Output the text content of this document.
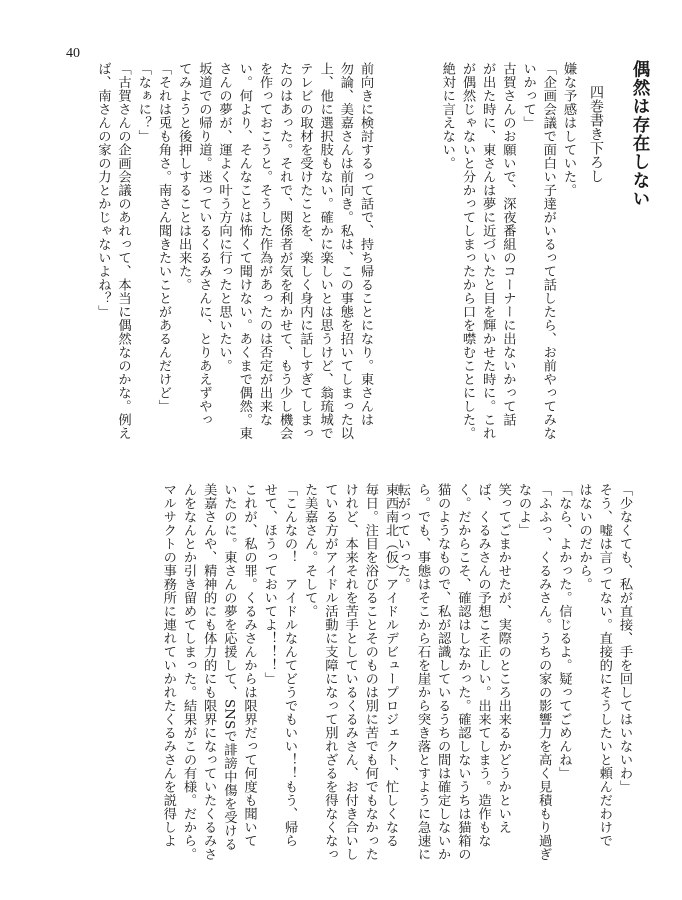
40
偶然は存在しない
四巻書き下ろし
嫌な予感はしていた。
「企画会議で面白い子達がいるって話したら、お前やってみな
いかって」
古賀さんのお願いで、深夜番組のコーナーに出ないかって話
が出た時に、東さんは夢に近づいたと目を輝かせた時に。これ
が偶然じゃないと分かってしまったから口を噤むことにした。
絶対に言えない。
前向きに検討するって話で、持ち帰ることになり。東さんは
勿論、美嘉さんは前向き。私は、この事態を招いてしまった以
上、他に選択肢もない。確かに楽しいとは思うけど、翁琉城で
テレビの取材を受けたことを、楽しく身内に話しすぎてしまっ
たのはあった。それで、関係者が気を利かせて、もう少し機会
を作っておこうと。そうした作為があったのは否定が出来な
い。何より、そんなことは怖くて聞けない。あくまで偶然。東
さんの夢が、運よく叶う方向に行ったと思いたい。
坂道での帰り道。迷っているくるみさんに、とりあえずやっ
てみようと後押しすることは出来た。
「それは兎も角さ。南さん聞きたいことがあるんだけど」
「なぁに？」
「古賀さんの企画会議のあれって、本当に偶然なのかな。例え
ば、南さんの家の力とかじゃないよね？」
「少なくても、私が直接、手を回してはいないわ」
そう、嘘は言ってない。直接的にそうしたいと頼んだわけで
はないのだから。
「なら、よかった。信じるよ。疑ってごめんね」
「ふふっ、くるみさん。うちの家の影響力を高く見積もり過ぎ
なのよ」
笑ってごまかせたが、実際のところ出来るかどうかといえ
ば、くるみさんの予想こそ正しい。出来てしまう。造作もな
く。だからこそ、確認はしなかった。確認しないうちは猫箱の
猫のようなもので、私が認識しているうちの間は確定しないか
ら。でも、事態はそこから石を崖から突き落とすように急速に
転がっていった。
東西南北（仮）アイドルデビュープロジェクト、忙しくなる
毎日。注目を浴びることそのものは別に苦でも何でもなかった
けれど、本来それを苦手としているくるみさん、お付き合いし
ている方がアイドル活動に支障になって別れざるを得なくなっ
た美嘉さん。そして。
「こんなの！　アイドルなんてどうでもいい！！もう、帰ら
せて、ほうっておいてよ！！！」
これが、私の罪。くるみさんからは限界だって何度も聞いて
いたのに。東さんの夢を応援して、SNSで誹謗中傷を受ける
美嘉さんや、精神的にも体力的にも限界になっていたくるみさ
んをなんとか引き留めてしまった。結果がこの有様。だから。
マルサクトの事務所に連れていかれたくるみさんを説得しよ
